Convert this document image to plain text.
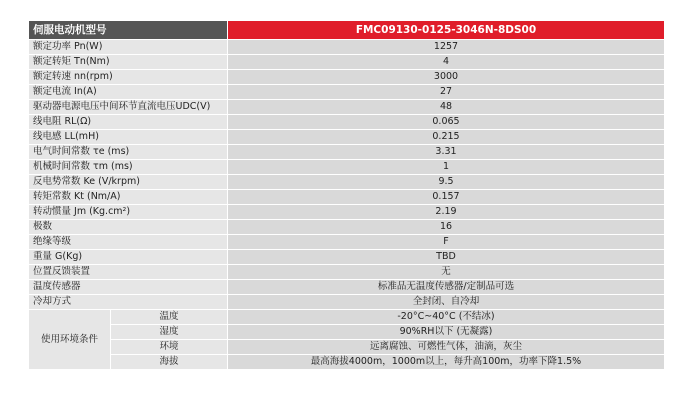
伺服电动机型号		FMC09130-0125-3046N-8DS00
额定功率 Pn(W)		1257
额定转矩 Tn(Nm)		4
额定转速 nn(rpm)		3000
额定电流 In(A)		27
驱动器电源电压中间环节直流电压UDC(V)		48
线电阻 RL(Ω)		0.065
线电感 LL(mH)		0.215
电气时间常数 τe (ms)		3.31
机械时间常数 τm (ms)		1
反电势常数 Ke (V/krpm)		9.5
转矩常数 Kt (Nm/A)		0.157
转动惯量 Jm (Kg.cm²)		2.19
极数		16
绝缘等级		F
重量 G(Kg)		TBD
位置反馈装置		无
温度传感器		标准品无温度传感器/定制品可选
冷却方式		全封闭、自冷却
使用环境条件	温度	-20°C~40°C (不结冰)
	湿度	90%RH以下 (无凝露)
	环境	远离腐蚀、可燃性气体，油滴，灰尘
	海拔	最高海拔4000m，1000m以上，每升高100m，功率下降1.5%
